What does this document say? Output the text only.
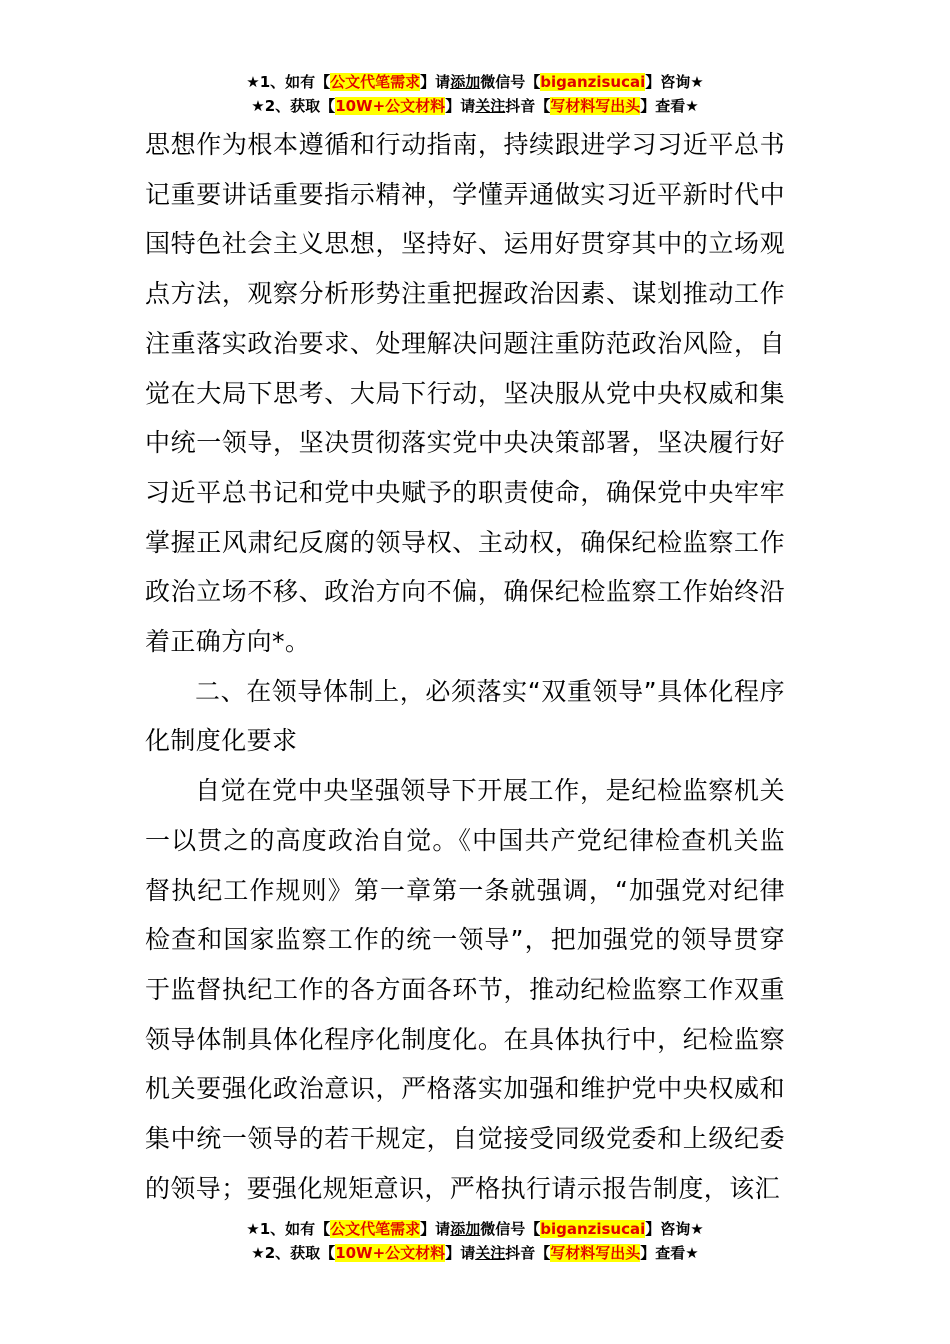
★1、如有【公文代笔需求】请添加微信号【biganzisucai】咨询★
★2、获取【10W+公文材料】请关注抖音【写材料写出头】查看★

思想作为根本遵循和行动指南，持续跟进学习习近平总书记重要讲话重要指示精神，学懂弄通做实习近平新时代中国特色社会主义思想，坚持好、运用好贯穿其中的立场观点方法，观察分析形势注重把握政治因素、谋划推动工作注重落实政治要求、处理解决问题注重防范政治风险，自觉在大局下思考、大局下行动，坚决服从党中央权威和集中统一领导，坚决贯彻落实党中央决策部署，坚决履行好习近平总书记和党中央赋予的职责使命，确保党中央牢牢掌握正风肃纪反腐的领导权、主动权，确保纪检监察工作政治立场不移、政治方向不偏，确保纪检监察工作始终沿着正确方向*。

二、在领导体制上，必须落实“双重领导”具体化程序化制度化要求

自觉在党中央坚强领导下开展工作，是纪检监察机关一以贯之的高度政治自觉。《中国共产党纪律检查机关监督执纪工作规则》第一章第一条就强调，“加强党对纪律检查和国家监察工作的统一领导”，把加强党的领导贯穿于监督执纪工作的各方面各环节，推动纪检监察工作双重领导体制具体化程序化制度化。在具体执行中，纪检监察机关要强化政治意识，严格落实加强和维护党中央权威和集中统一领导的若干规定，自觉接受同级党委和上级纪委的领导；要强化规矩意识，严格执行请示报告制度，该汇

★1、如有【公文代笔需求】请添加微信号【biganzisucai】咨询★
★2、获取【10W+公文材料】请关注抖音【写材料写出头】查看★
